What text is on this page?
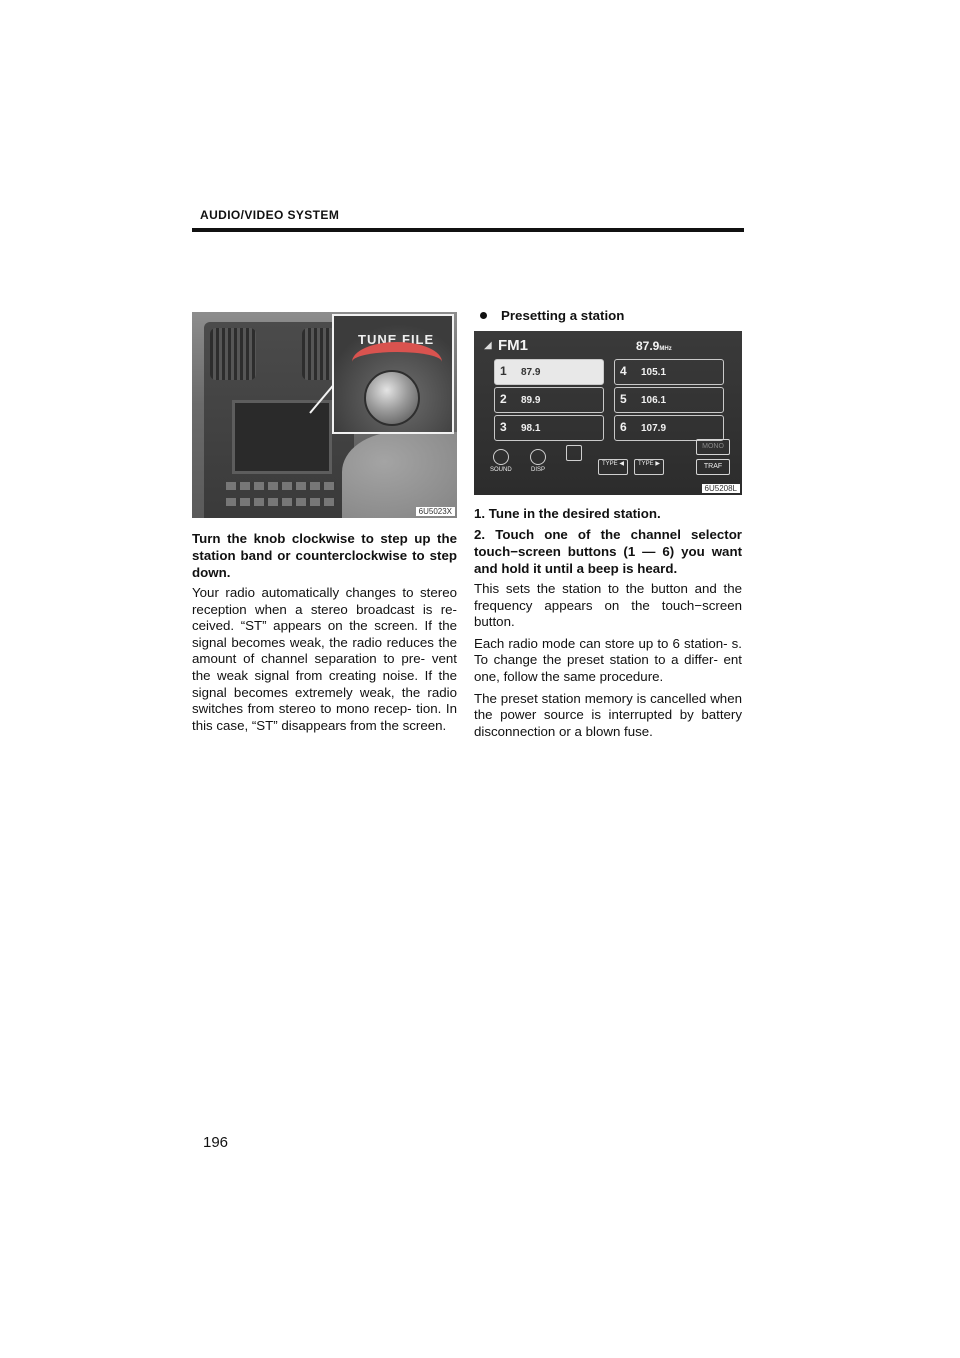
AUDIO/VIDEO SYSTEM
TUNE FILE
6U5023X

Turn the knob clockwise to step up the station band or counterclockwise to step down.

Your radio automatically changes to stereo reception when a stereo broadcast is re- ceived. “ST” appears on the screen. If the signal becomes weak, the radio reduces the amount of channel separation to pre- vent the weak signal from creating noise. If the signal becomes extremely weak, the radio switches from stereo to mono recep- tion. In this case, “ST” disappears from the screen.

Presetting a station
◢ FM1	87.9MHz
1 87.9
2 89.9
3 98.1
4 105.1
5 106.1
6 107.9
SOUND	DISP
TYPE ◀	TYPE ▶
MONO
TRAF
6U5208L

1. Tune in the desired station.

2. Touch one of the channel selector touch−screen buttons (1 — 6) you want and hold it until a beep is heard.

This sets the station to the button and the frequency appears on the touch−screen button.

Each radio mode can store up to 6 station- s. To change the preset station to a differ- ent one, follow the same procedure.

The preset station memory is cancelled when the power source is interrupted by battery disconnection or a blown fuse.

196
